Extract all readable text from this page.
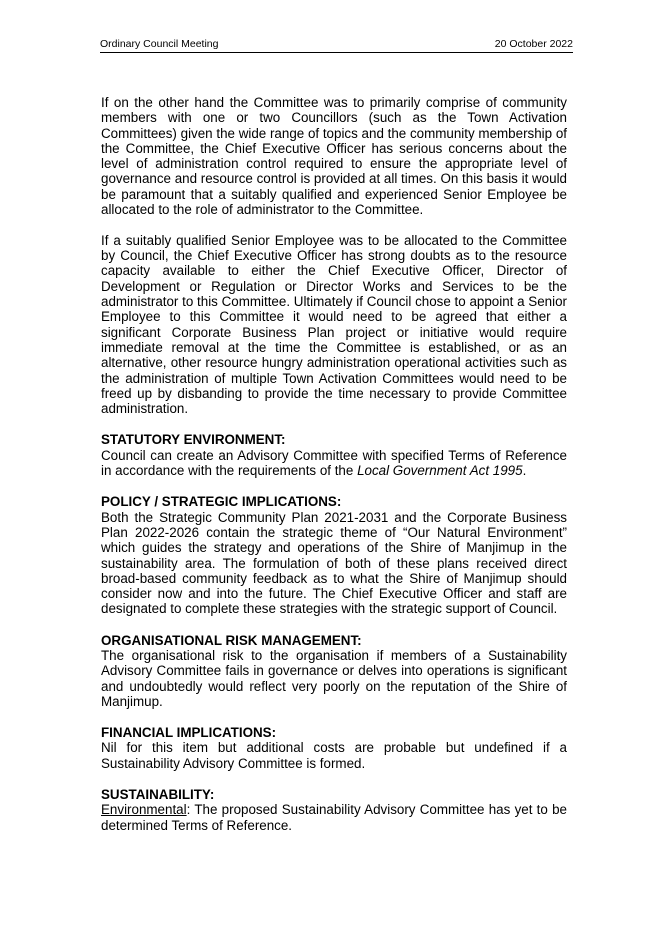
Ordinary Council Meeting	20 October 2022

If on the other hand the Committee was to primarily comprise of community members with one or two Councillors (such as the Town Activation Committees) given the wide range of topics and the community membership of the Committee, the Chief Executive Officer has serious concerns about the level of administration control required to ensure the appropriate level of governance and resource control is provided at all times. On this basis it would be paramount that a suitably qualified and experienced Senior Employee be allocated to the role of administrator to the Committee.

If a suitably qualified Senior Employee was to be allocated to the Committee by Council, the Chief Executive Officer has strong doubts as to the resource capacity available to either the Chief Executive Officer, Director of Development or Regulation or Director Works and Services to be the administrator to this Committee. Ultimately if Council chose to appoint a Senior Employee to this Committee it would need to be agreed that either a significant Corporate Business Plan project or initiative would require immediate removal at the time the Committee is established, or as an alternative, other resource hungry administration operational activities such as the administration of multiple Town Activation Committees would need to be freed up by disbanding to provide the time necessary to provide Committee administration.

STATUTORY ENVIRONMENT:

Council can create an Advisory Committee with specified Terms of Reference in accordance with the requirements of the Local Government Act 1995.

POLICY / STRATEGIC IMPLICATIONS:

Both the Strategic Community Plan 2021-2031 and the Corporate Business Plan 2022-2026 contain the strategic theme of “Our Natural Environment” which guides the strategy and operations of the Shire of Manjimup in the sustainability area. The formulation of both of these plans received direct broad-based community feedback as to what the Shire of Manjimup should consider now and into the future. The Chief Executive Officer and staff are designated to complete these strategies with the strategic support of Council.

ORGANISATIONAL RISK MANAGEMENT:

The organisational risk to the organisation if members of a Sustainability Advisory Committee fails in governance or delves into operations is significant and undoubtedly would reflect very poorly on the reputation of the Shire of Manjimup.

FINANCIAL IMPLICATIONS:

Nil for this item but additional costs are probable but undefined if a Sustainability Advisory Committee is formed.

SUSTAINABILITY:

Environmental: The proposed Sustainability Advisory Committee has yet to be determined Terms of Reference.
